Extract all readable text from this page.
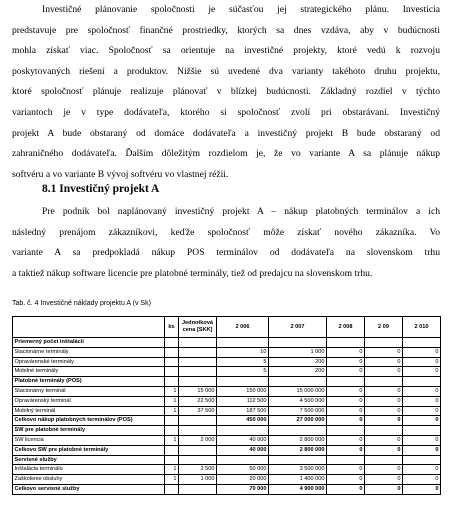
Investičné plánovanie spoločnosti je súčasťou jej strategického plánu. Investícia
predstavuje pre spoločnosť finančné prostriedky, ktorých sa dnes vzdáva, aby v budúcnosti
mohla získať viac. Spoločnosť sa orientuje na investičné projekty, ktoré vedú k rozvoju
poskytovaných riešení a produktov. Nižšie sú uvedené dva varianty takéhoto druhu projektu,
ktoré spoločnosť plánuje realizuje plánovať v blízkej budúcnosti. Základný rozdiel v týchto
variantoch je v type dodávateľa, ktorého si spoločnosť zvolí pri obstarávaní. Investičný
projekt A bude obstaraný od domáce dodávateľa a investičný projekt B bude obstaraný od
zahraničného dodávateľa. Ďalším dôležitým rozdielom je, že vo variante A sa plánuje nákup
softvéru a vo variante B vývoj softvéru vo vlastnej réžii.
8.1 Investičný projekt A
Pre podnik bol naplánovaný investičný projekt A – nákup platobných terminálov a ich
následný prenájom zákazníkovi, keďže spoločnosť môže získať nového zákazníka. Vo
variante A sa predpokladá nákup POS terminálov od dodávateľa na slovenskom trhu
a taktiež nákup software licencie pre platobné terminály, tiež od predajcu na slovenskom trhu.
Tab. č. 4 Investičné náklady projektu A (v Sk)
	ks	Jednotková cena [SKK]	2 006	2 007	2 008	2 09	2 010
Priemerný počet inštalácií							
Stacionárne terminály			10	1 000	0	0	0
Opravárenské terminály			5	200	0	0	0
Mobilné terminály			5	200	0	0	0
Platobné terminály (POS)							
Stacionárny terminál	1	15 000	150 000	15 000 000	0	0	0
Opravárenský terminál	1	22 500	112 500	4 500 000	0	0	0
Mobilný terminál	1	37 500	187 500	7 500 000	0	0	0
Celkovo nákup platobných terminálov (POS)			450 000	27 000 000	0	0	0
SW pre platobné terminály							
SW licencia	1	2 000	40 000	2 800 000	0	0	0
Celkovo SW pre platobné terminály			40 000	2 800 000	0	0	0
Servisné služby							
Inštalácia terminálu	1	2 500	50 000	3 500 000	0	0	0
Zaškolenie obsluhy	1	1 000	20 000	1 400 000	0	0	0
Celkovo servisné služby			70 000	4 900 000	0	0	0
